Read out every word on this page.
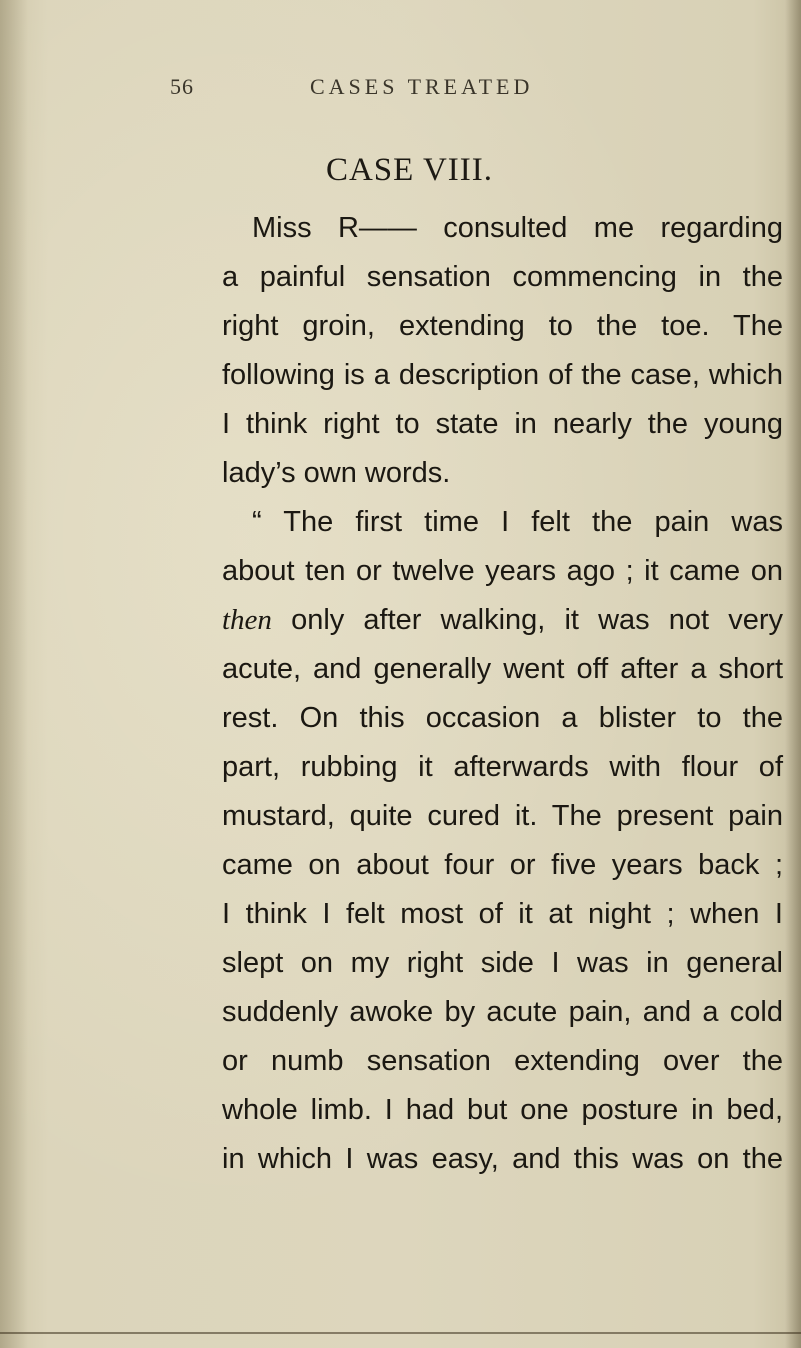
56	CASES TREATED
CASE VIII.
Miss R—— consulted me regarding
a painful sensation commencing in the
right groin, extending to the toe. The
following is a description of the case, which
I think right to state in nearly the young
lady’s own words.
“ The first time I felt the pain was
about ten or twelve years ago ; it came on
then only after walking, it was not very
acute, and generally went off after a short
rest. On this occasion a blister to the
part, rubbing it afterwards with flour of
mustard, quite cured it. The present pain
came on about four or five years back ;
I think I felt most of it at night ; when I
slept on my right side I was in general
suddenly awoke by acute pain, and a cold
or numb sensation extending over the
whole limb. I had but one posture in bed,
in which I was easy, and this was on the
